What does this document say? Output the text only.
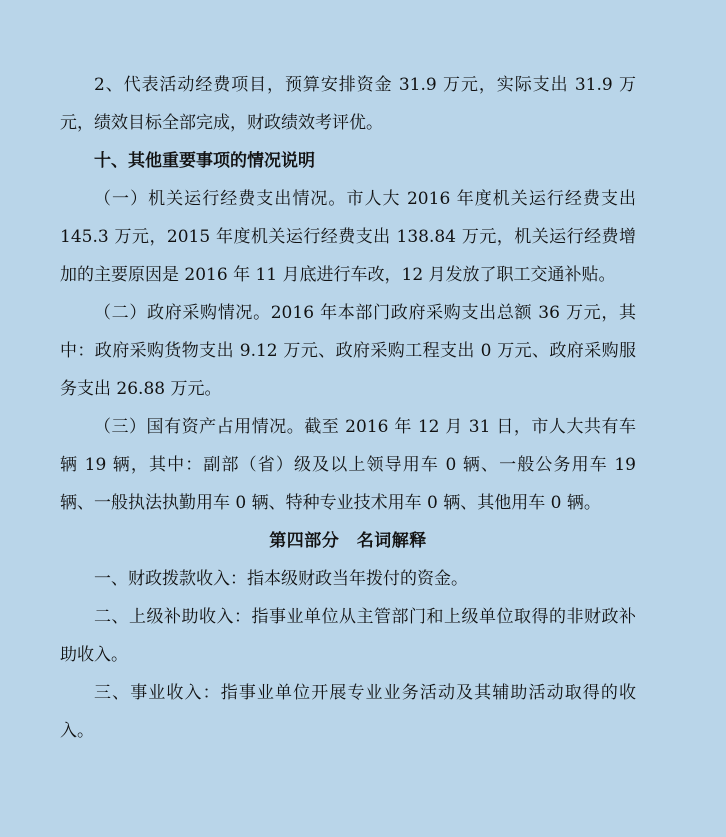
2、代表活动经费项目，预算安排资金 31.9 万元，实际支出 31.9 万元，绩效目标全部完成，财政绩效考评优。

十、其他重要事项的情况说明

（一）机关运行经费支出情况。市人大 2016 年度机关运行经费支出 145.3 万元，2015 年度机关运行经费支出 138.84 万元，机关运行经费增加的主要原因是 2016 年 11 月底进行车改，12 月发放了职工交通补贴。

（二）政府采购情况。2016 年本部门政府采购支出总额 36 万元，其中：政府采购货物支出 9.12 万元、政府采购工程支出 0 万元、政府采购服务支出 26.88 万元。

（三）国有资产占用情况。截至 2016 年 12 月 31 日，市人大共有车辆 19 辆，其中：副部（省）级及以上领导用车 0 辆、一般公务用车 19 辆、一般执法执勤用车 0 辆、特种专业技术用车 0 辆、其他用车 0 辆。

第四部分　名词解释

一、财政拨款收入：指本级财政当年拨付的资金。

二、上级补助收入：指事业单位从主管部门和上级单位取得的非财政补助收入。

三、事业收入：指事业单位开展专业业务活动及其辅助活动取得的收入。
